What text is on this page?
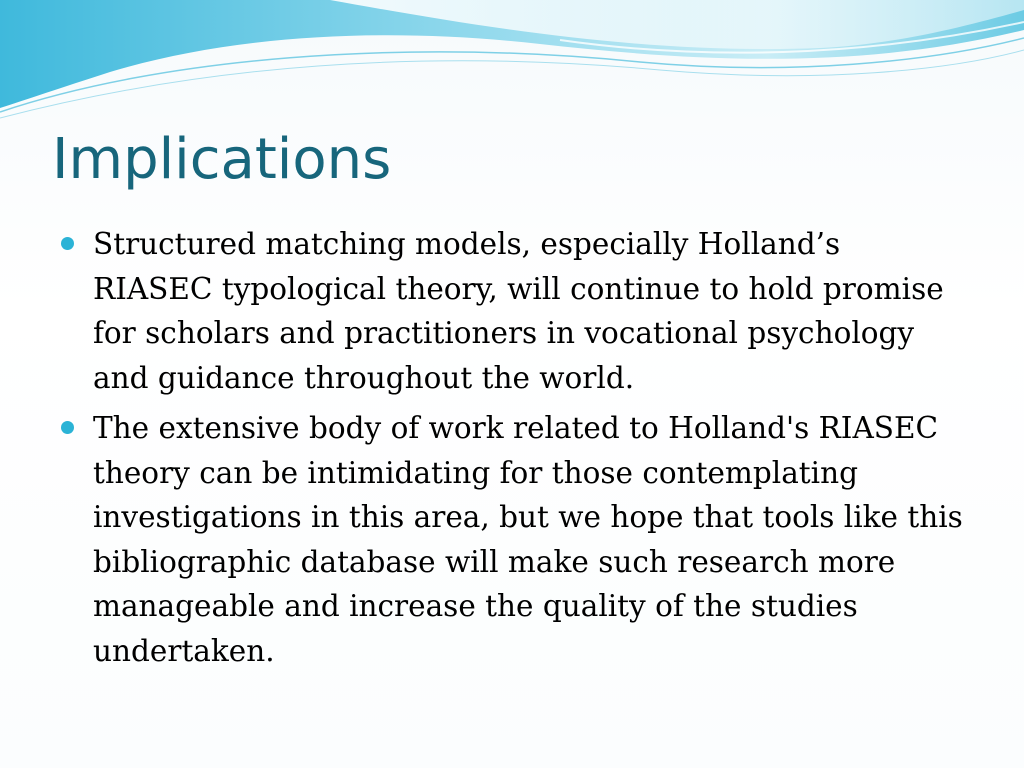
Implications
Structured matching models, especially Holland’s RIASEC typological theory, will continue to hold promise for scholars and practitioners in vocational psychology and guidance throughout the world.
The extensive body of work related to Holland's RIASEC theory can be intimidating for those contemplating investigations in this area, but we hope that tools like this bibliographic database will make such research more manageable and increase the quality of the studies undertaken.
